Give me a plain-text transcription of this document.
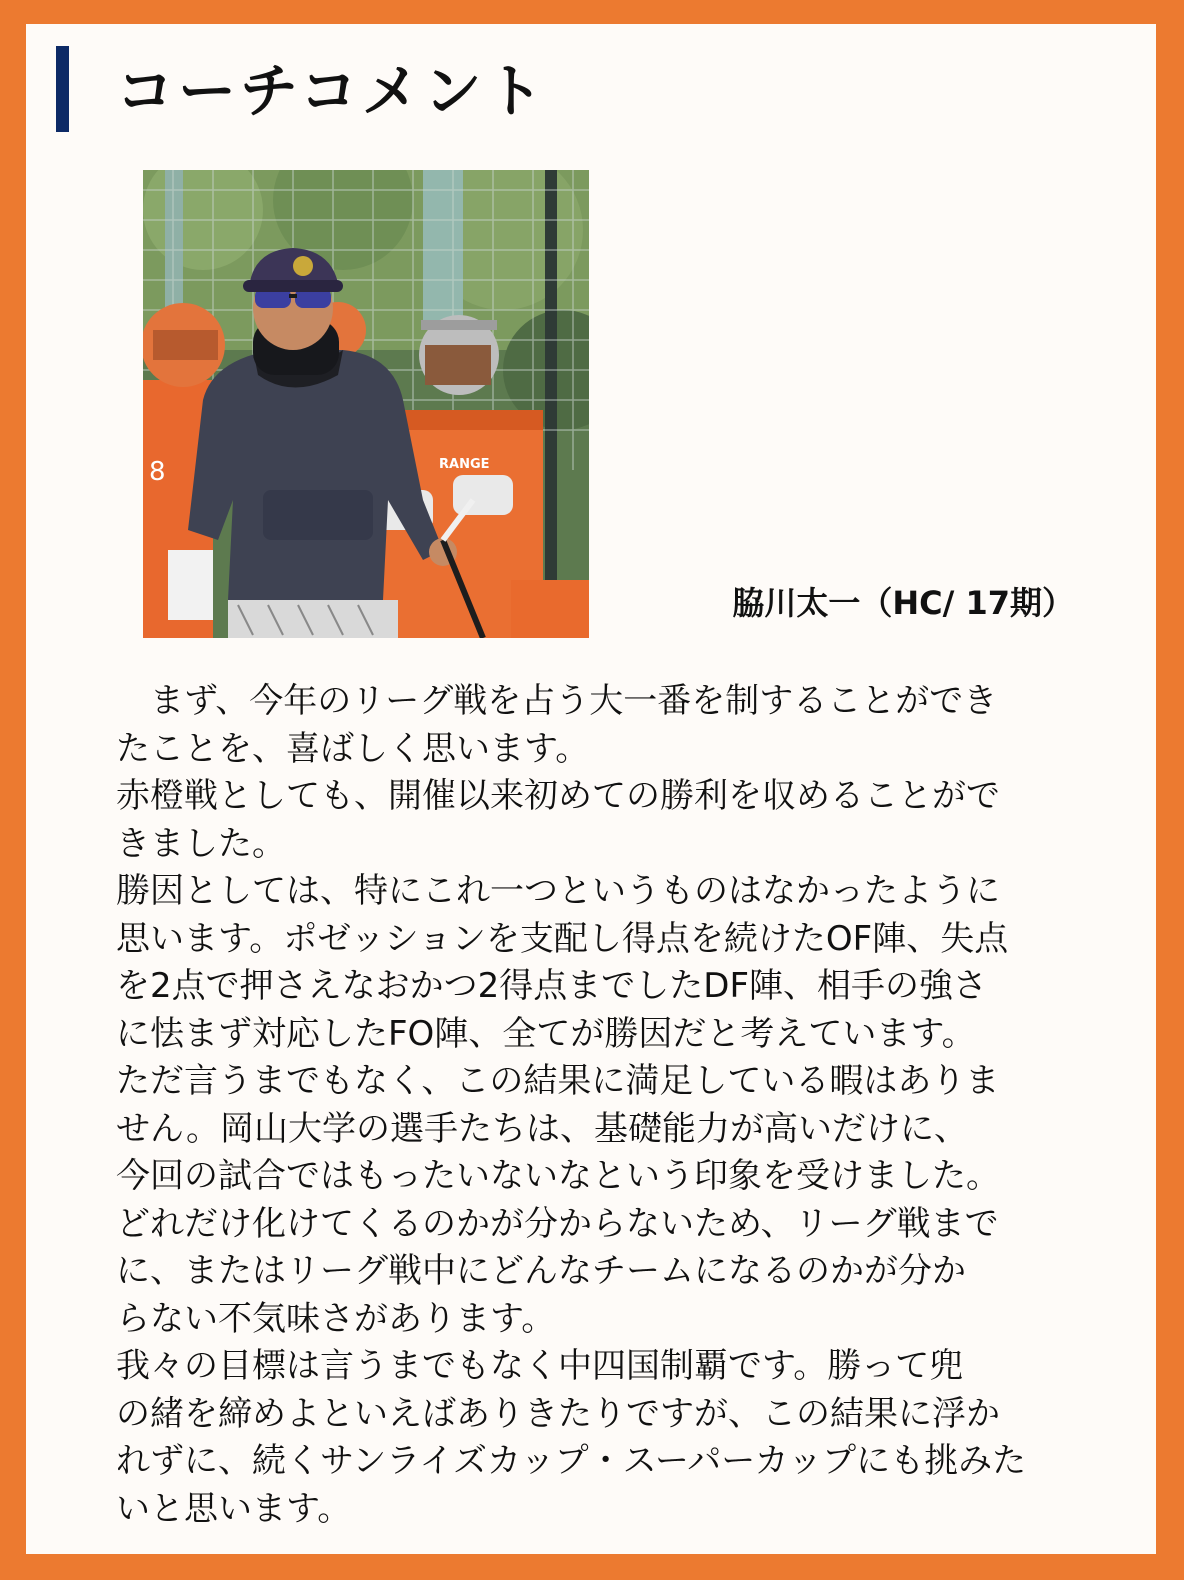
コーチコメント
8	RANGE
脇川太一（HC/ 17期）
　まず、今年のリーグ戦を占う大一番を制することができ
たことを、喜ばしく思います。
赤橙戦としても、開催以来初めての勝利を収めることがで
きました。
勝因としては、特にこれ一つというものはなかったように
思います。ポゼッションを支配し得点を続けたOF陣、失点
を2点で押さえなおかつ2得点までしたDF陣、相手の強さ
に怯まず対応したFO陣、全てが勝因だと考えています。
ただ言うまでもなく、この結果に満足している暇はありま
せん。岡山大学の選手たちは、基礎能力が高いだけに、
今回の試合ではもったいないなという印象を受けました。
どれだけ化けてくるのかが分からないため、リーグ戦まで
に、またはリーグ戦中にどんなチームになるのかが分か
らない不気味さがあります。
我々の目標は言うまでもなく中四国制覇です。勝って兜
の緒を締めよといえばありきたりですが、この結果に浮か
れずに、続くサンライズカップ・スーパーカップにも挑みた
いと思います。
